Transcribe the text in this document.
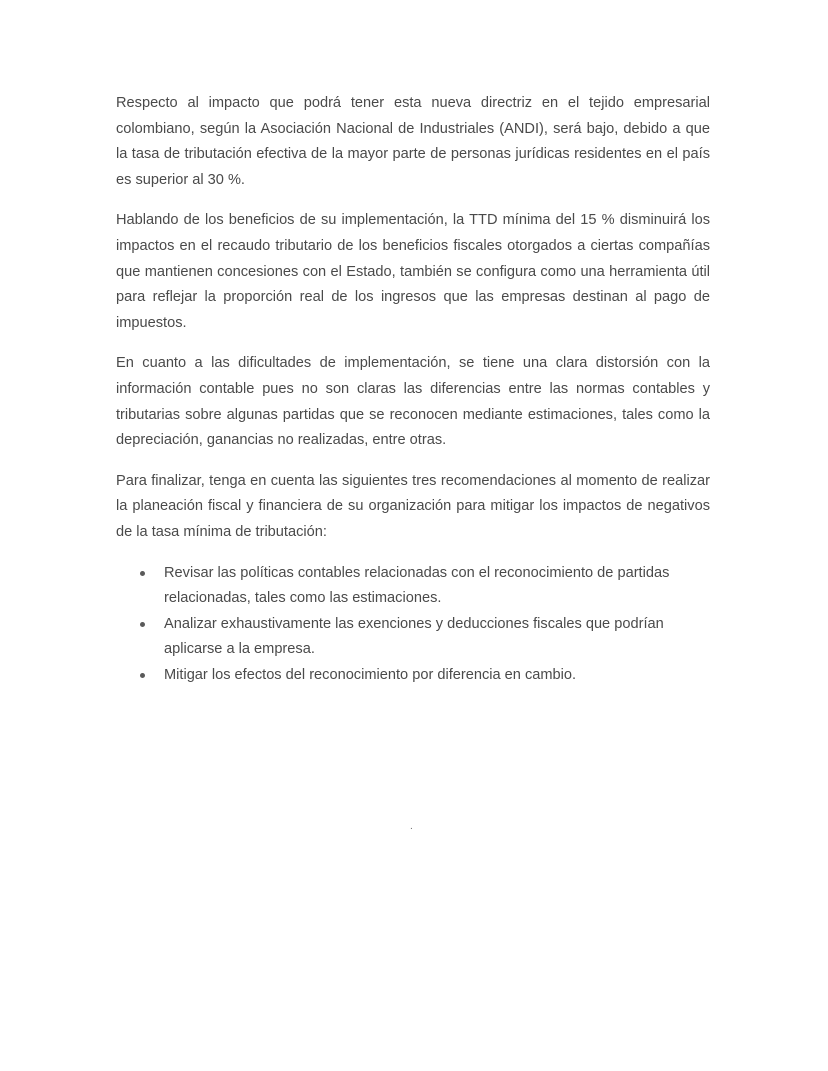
Respecto al impacto que podrá tener esta nueva directriz en el tejido empresarial colombiano, según la Asociación Nacional de Industriales (ANDI), será bajo, debido a que la tasa de tributación efectiva de la mayor parte de personas jurídicas residentes en el país es superior al 30 %.

Hablando de los beneficios de su implementación, la TTD mínima del 15 % disminuirá los impactos en el recaudo tributario de los beneficios fiscales otorgados a ciertas compañías que mantienen concesiones con el Estado, también se configura como una herramienta útil para reflejar la proporción real de los ingresos que las empresas destinan al pago de impuestos.

En cuanto a las dificultades de implementación, se tiene una clara distorsión con la información contable pues no son claras las diferencias entre las normas contables y tributarias sobre algunas partidas que se reconocen mediante estimaciones, tales como la depreciación, ganancias no realizadas, entre otras.

Para finalizar, tenga en cuenta las siguientes tres recomendaciones al momento de realizar la planeación fiscal y financiera de su organización para mitigar los impactos de negativos de la tasa mínima de tributación:

Revisar las políticas contables relacionadas con el reconocimiento de partidas relacionadas, tales como las estimaciones.
Analizar exhaustivamente las exenciones y deducciones fiscales que podrían aplicarse a la empresa.
Mitigar los efectos del reconocimiento por diferencia en cambio.
.
